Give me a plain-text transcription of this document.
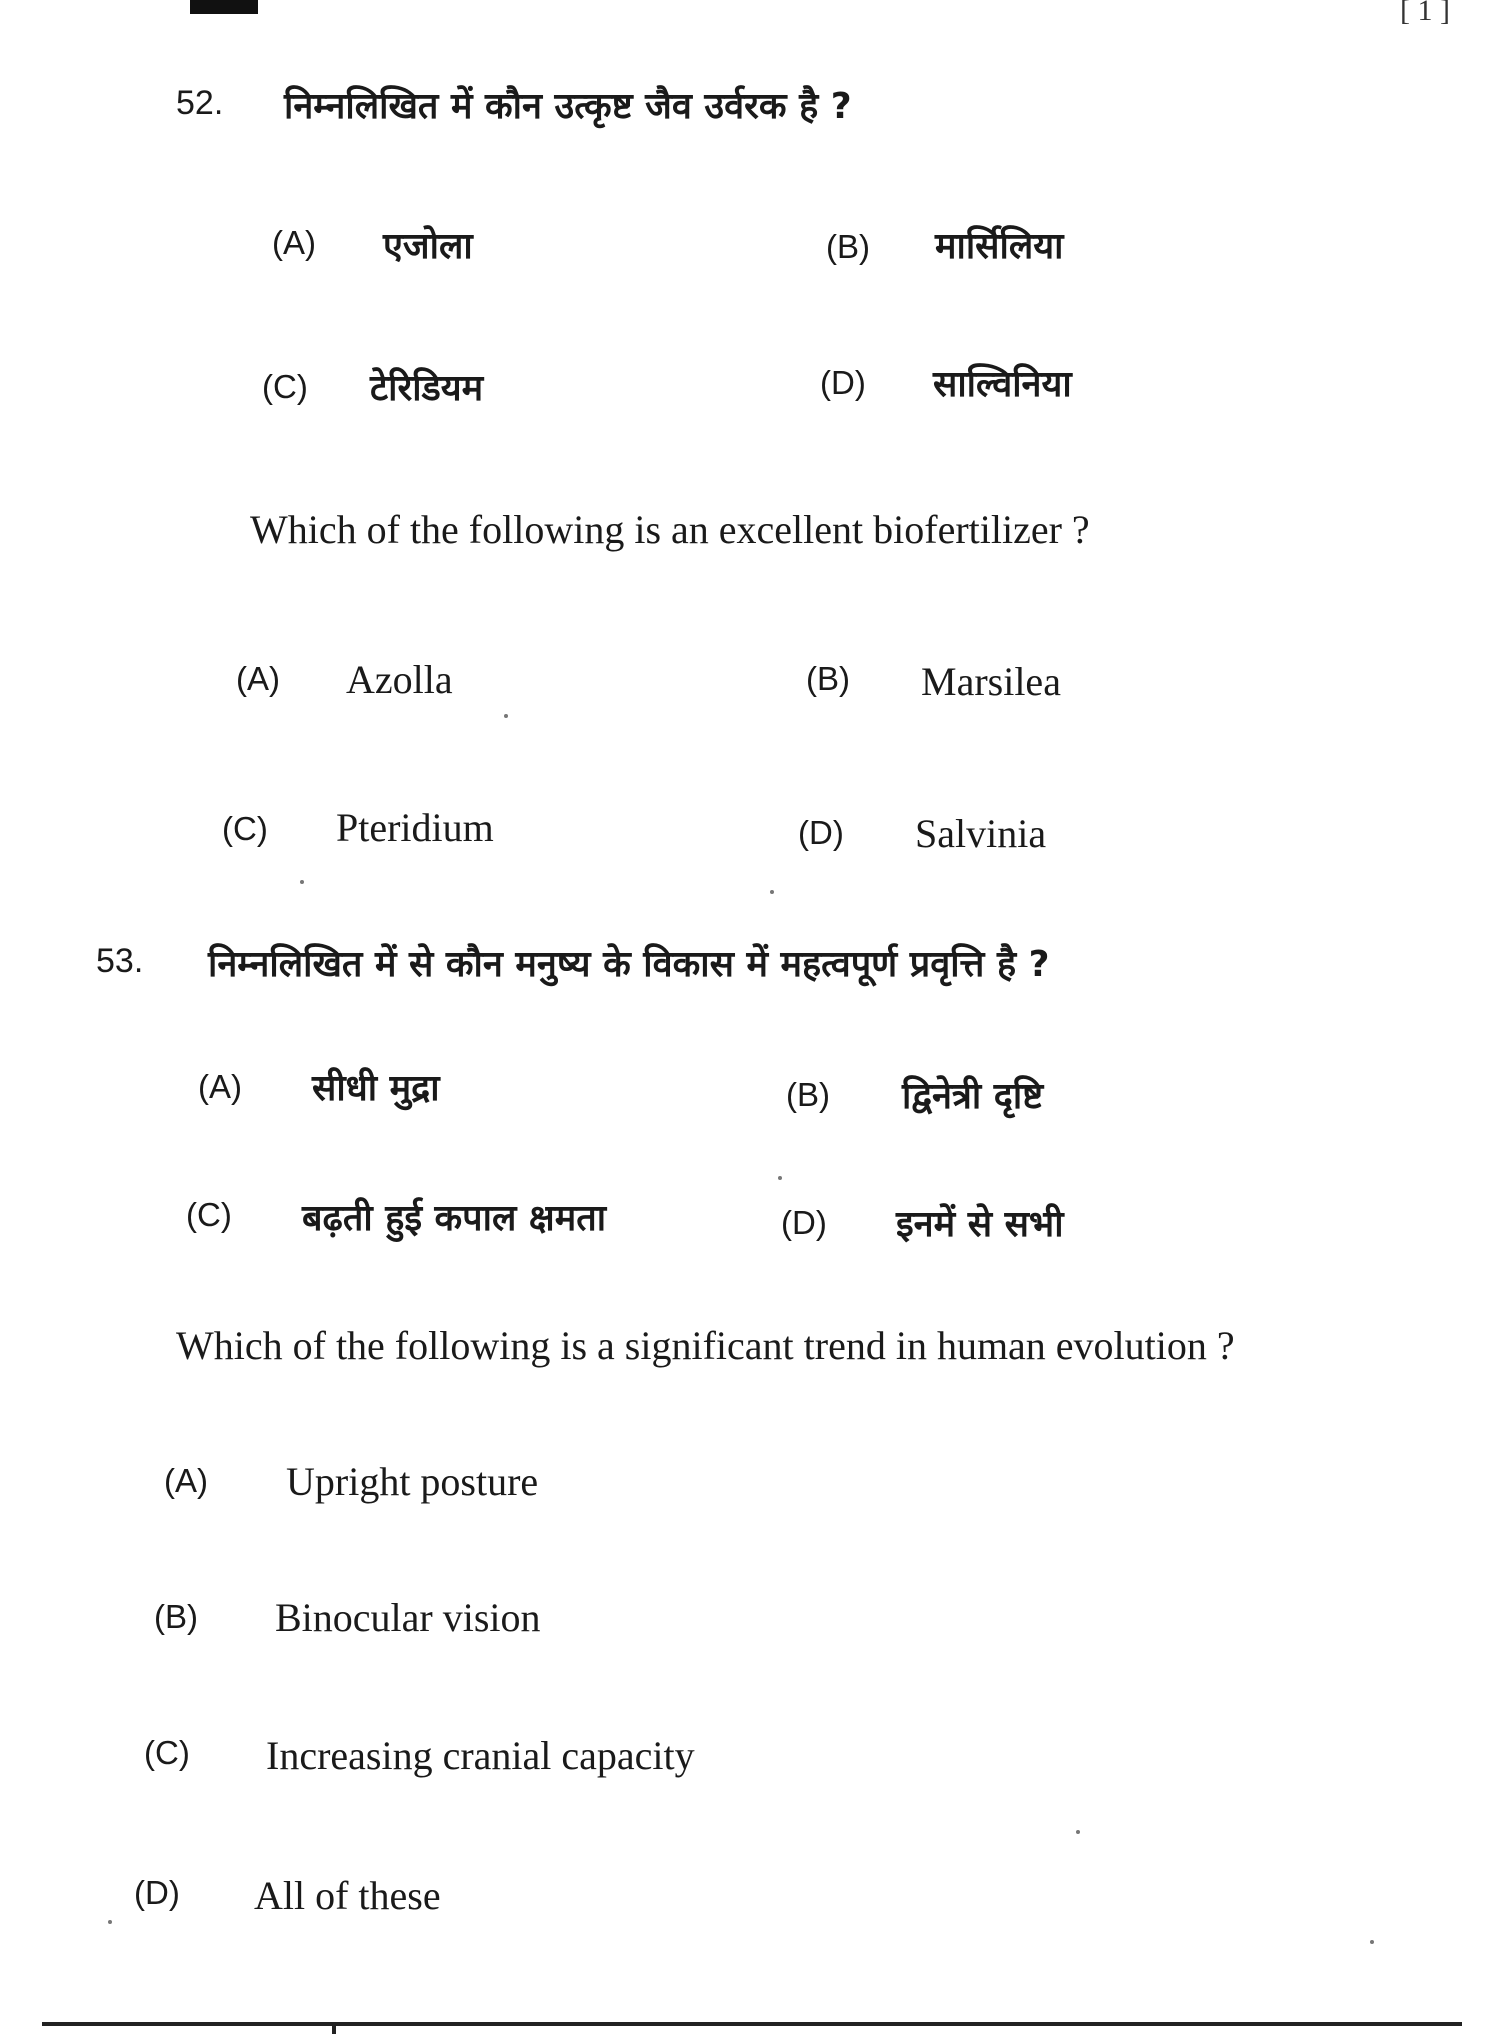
[ 1 ]
52. निम्नलिखित में कौन उत्कृष्ट जैव उर्वरक है ?
(A) एजोला	(B) मार्सिलिया
(C) टेरिडियम	(D) साल्विनिया
Which of the following is an excellent biofertilizer ?
(A) Azolla	(B) Marsilea
(C) Pteridium	(D) Salvinia
53. निम्नलिखित में से कौन मनुष्य के विकास में महत्वपूर्ण प्रवृत्ति है ?
(A) सीधी मुद्रा	(B) द्विनेत्री दृष्टि
(C) बढ़ती हुई कपाल क्षमता	(D) इनमें से सभी
Which of the following is a significant trend in human evolution ?
(A) Upright posture
(B) Binocular vision
(C) Increasing cranial capacity
(D) All of these
